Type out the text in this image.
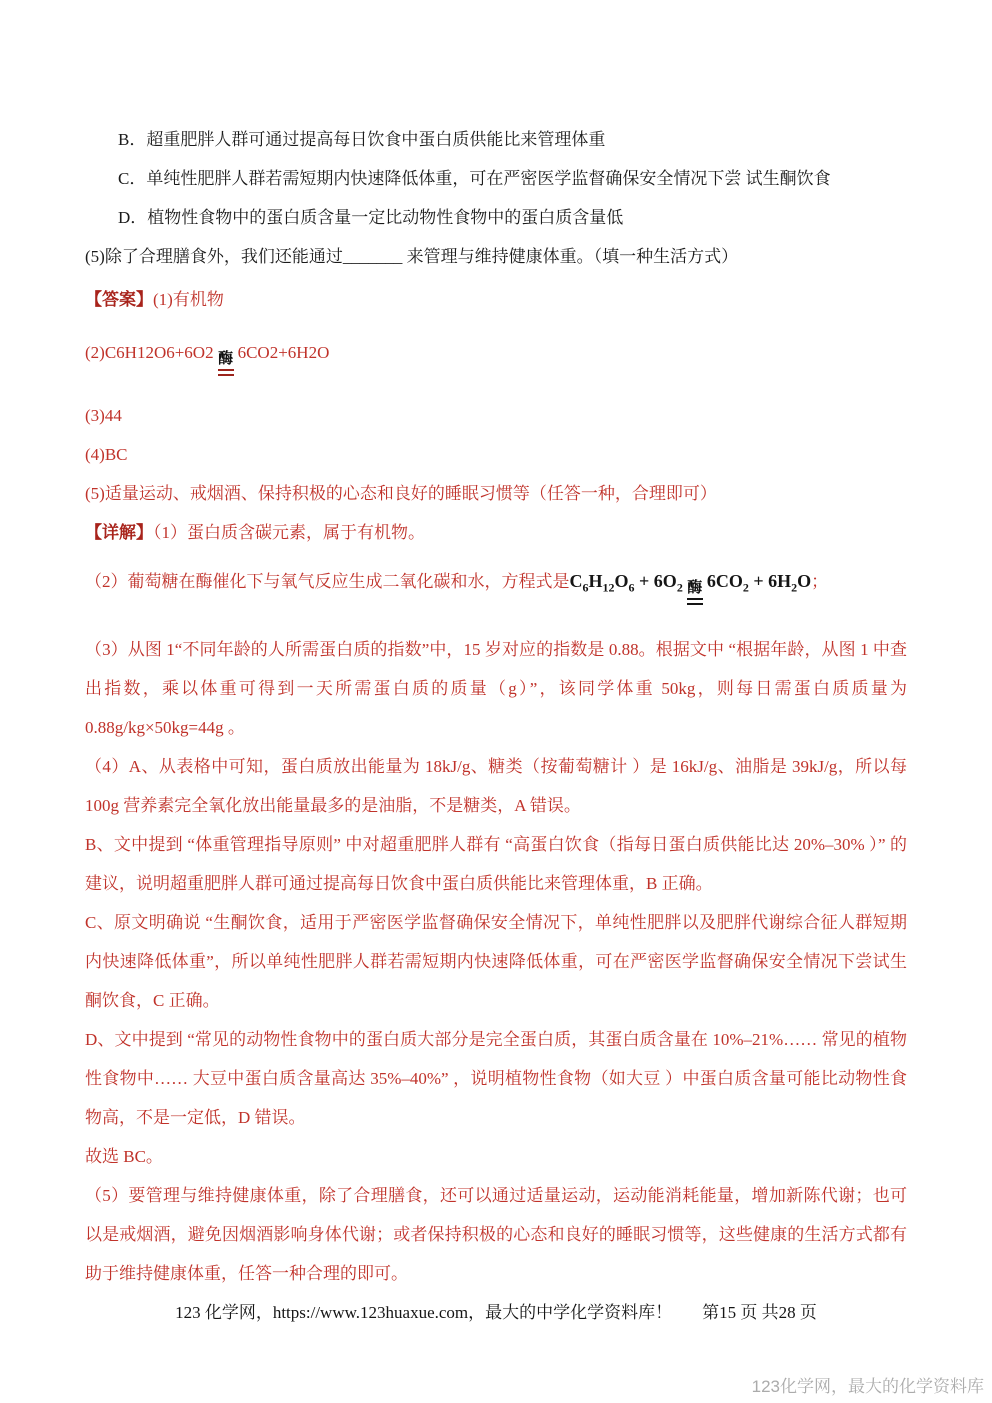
B．超重肥胖人群可通过提高每日饮食中蛋白质供能比来管理体重
C．单纯性肥胖人群若需短期内快速降低体重，可在严密医学监督确保安全情况下尝 试生酮饮食
D．植物性食物中的蛋白质含量一定比动物性食物中的蛋白质含量低
(5)除了合理膳食外，我们还能通过_______ 来管理与维持健康体重。（填一种生活方式）
【答案】(1)有机物
(2)C6H12O6+6O2 酶 6CO2+6H2O
(3)44
(4)BC
(5)适量运动、戒烟酒、保持积极的心态和良好的睡眠习惯等（任答一种，合理即可）
【详解】（1）蛋白质含碳元素，属于有机物。
（2）葡萄糖在酶催化下与氧气反应生成二氧化碳和水，方程式是$C_6H_{12}O_6 + 6O_2$ 酶 $6CO_2 + 6H_2O$；
（3）从图 1“不同年龄的人所需蛋白质的指数”中，15 岁对应的指数是 0.88。根据文中 “根据年龄，从图 1 中查出指数，乘以体重可得到一天所需蛋白质的质量（g）”，该同学体重 50kg，则每日需蛋白质质量为 0.88g/kg×50kg=44g 。
（4）A、从表格中可知，蛋白质放出能量为 18kJ/g、糖类（按葡萄糖计 ）是 16kJ/g、油脂是 39kJ/g，所以每 100g 营养素完全氧化放出能量最多的是油脂，不是糖类，A 错误。
B、文中提到 “体重管理指导原则” 中对超重肥胖人群有 “高蛋白饮食（指每日蛋白质供能比达 20%–30% ）” 的建议，说明超重肥胖人群可通过提高每日饮食中蛋白质供能比来管理体重，B 正确。
C、原文明确说 “生酮饮食，适用于严密医学监督确保安全情况下，单纯性肥胖以及肥胖代谢综合征人群短期内快速降低体重”，所以单纯性肥胖人群若需短期内快速降低体重，可在严密医学监督确保安全情况下尝试生酮饮食，C 正确。
D、文中提到 “常见的动物性食物中的蛋白质大部分是完全蛋白质，其蛋白质含量在 10%–21%…… 常见的植物性食物中…… 大豆中蛋白质含量高达 35%–40%” ，说明植物性食物（如大豆 ）中蛋白质含量可能比动物性食物高，不是一定低，D 错误。
故选 BC。
（5）要管理与维持健康体重，除了合理膳食，还可以通过适量运动，运动能消耗能量，增加新陈代谢；也可以是戒烟酒，避免因烟酒影响身体代谢；或者保持积极的心态和良好的睡眠习惯等，这些健康的生活方式都有助于维持健康体重，任答一种合理的即可。
123 化学网，https://www.123huaxue.com，最大的中学化学资料库！ 第15 页 共28 页
123化学网，最大的化学资料库
